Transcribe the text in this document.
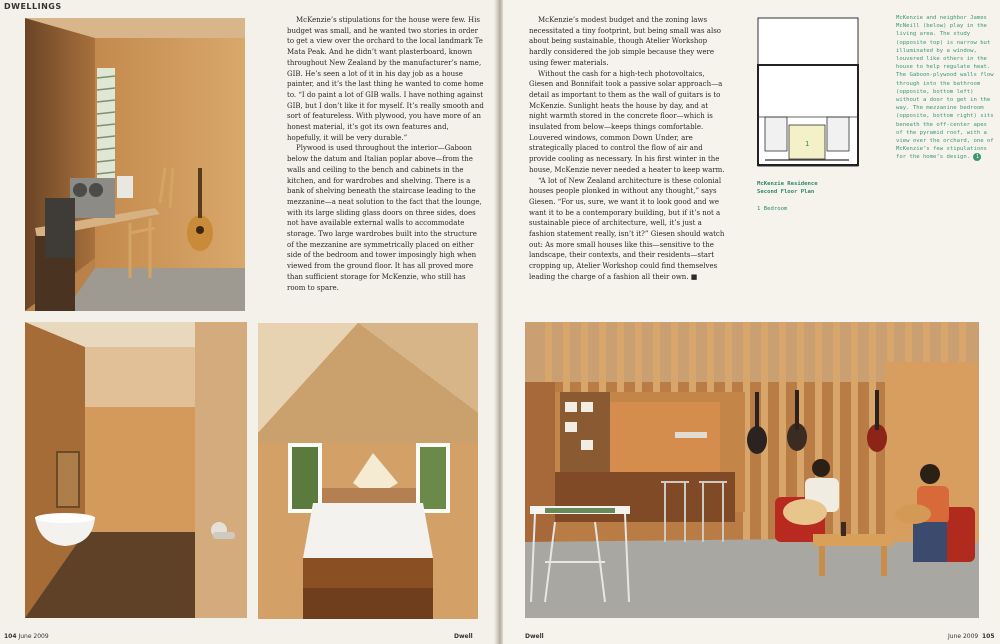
DWELLINGS

McKenzie’s stipulations for the house were few. His budget was small, and he wanted two stories in order to get a view over the orchard to the local landmark Te Mata Peak. And he didn’t want plasterboard, known throughout New Zealand by the manufacturer’s name, GIB. He’s seen a lot of it in his day job as a house painter, and it’s the last thing he wanted to come home to. “I do paint a lot of GIB walls. I have nothing against GIB, but I don’t like it for myself. It’s really smooth and sort of featureless. With plywood, you have more of an honest material, it’s got its own features and, hopefully, it will be very durable.”

Plywood is used throughout the interior—Gaboon below the datum and Italian poplar above—from the walls and ceiling to the bench and cabinets in the kitchen, and for wardrobes and shelving. There is a bank of shelving beneath the staircase leading to the mezzanine—a neat solution to the fact that the lounge, with its large sliding glass doors on three sides, does not have available external walls to accommodate storage. Two large wardrobes built into the structure of the mezzanine are symmetrically placed on either side of the bedroom and tower imposingly high when viewed from the ground floor. It has all proved more than sufficient storage for McKenzie, who still has room to spare.

104 June 2009	Dwell

McKenzie’s modest budget and the zoning laws necessitated a tiny footprint, but being small was also about being sustainable, though Atelier Workshop hardly considered the job simple because they were using fewer materials.

Without the cash for a high-tech photovoltaics, Giesen and Bonnifait took a passive solar approach—a detail as important to them as the wall of guitars is to McKenzie. Sunlight heats the house by day, and at night warmth stored in the concrete floor—which is insulated from below—keeps things comfortable. Louvered windows, common Down Under, are strategically placed to control the flow of air and provide cooling as necessary. In his first winter in the house, McKenzie never needed a heater to keep warm.

“A lot of New Zealand architecture is these colonial houses people plonked in without any thought,” says Giesen. “For us, sure, we want it to look good and we want it to be a contemporary building, but if it’s not a sustainable piece of architecture, well, it’s just a fashion statement really, isn’t it?” Giesen should watch out: As more small houses like this—sensitive to the landscape, their contexts, and their residents—start cropping up, Atelier Workshop could find themselves leading the charge of a fashion all their own. ■

1
McKenzie Residence
Second Floor Plan
1 Bedroom
McKenzie and neighbor James McNeill (below) play in the living area. The study (opposite top) is narrow but illuminated by a window, louvered like others in the house to help regulate heat. The Gaboon-plywood walls flow through into the bathroom (opposite, bottom left) without a door to get in the way. The mezzanine bedroom (opposite, bottom right) sits beneath the off-center apex of the pyramid roof, with a view over the orchard, one of McKenzie’s few stipulations for the home’s design. 1
Dwell	June 2009 105
